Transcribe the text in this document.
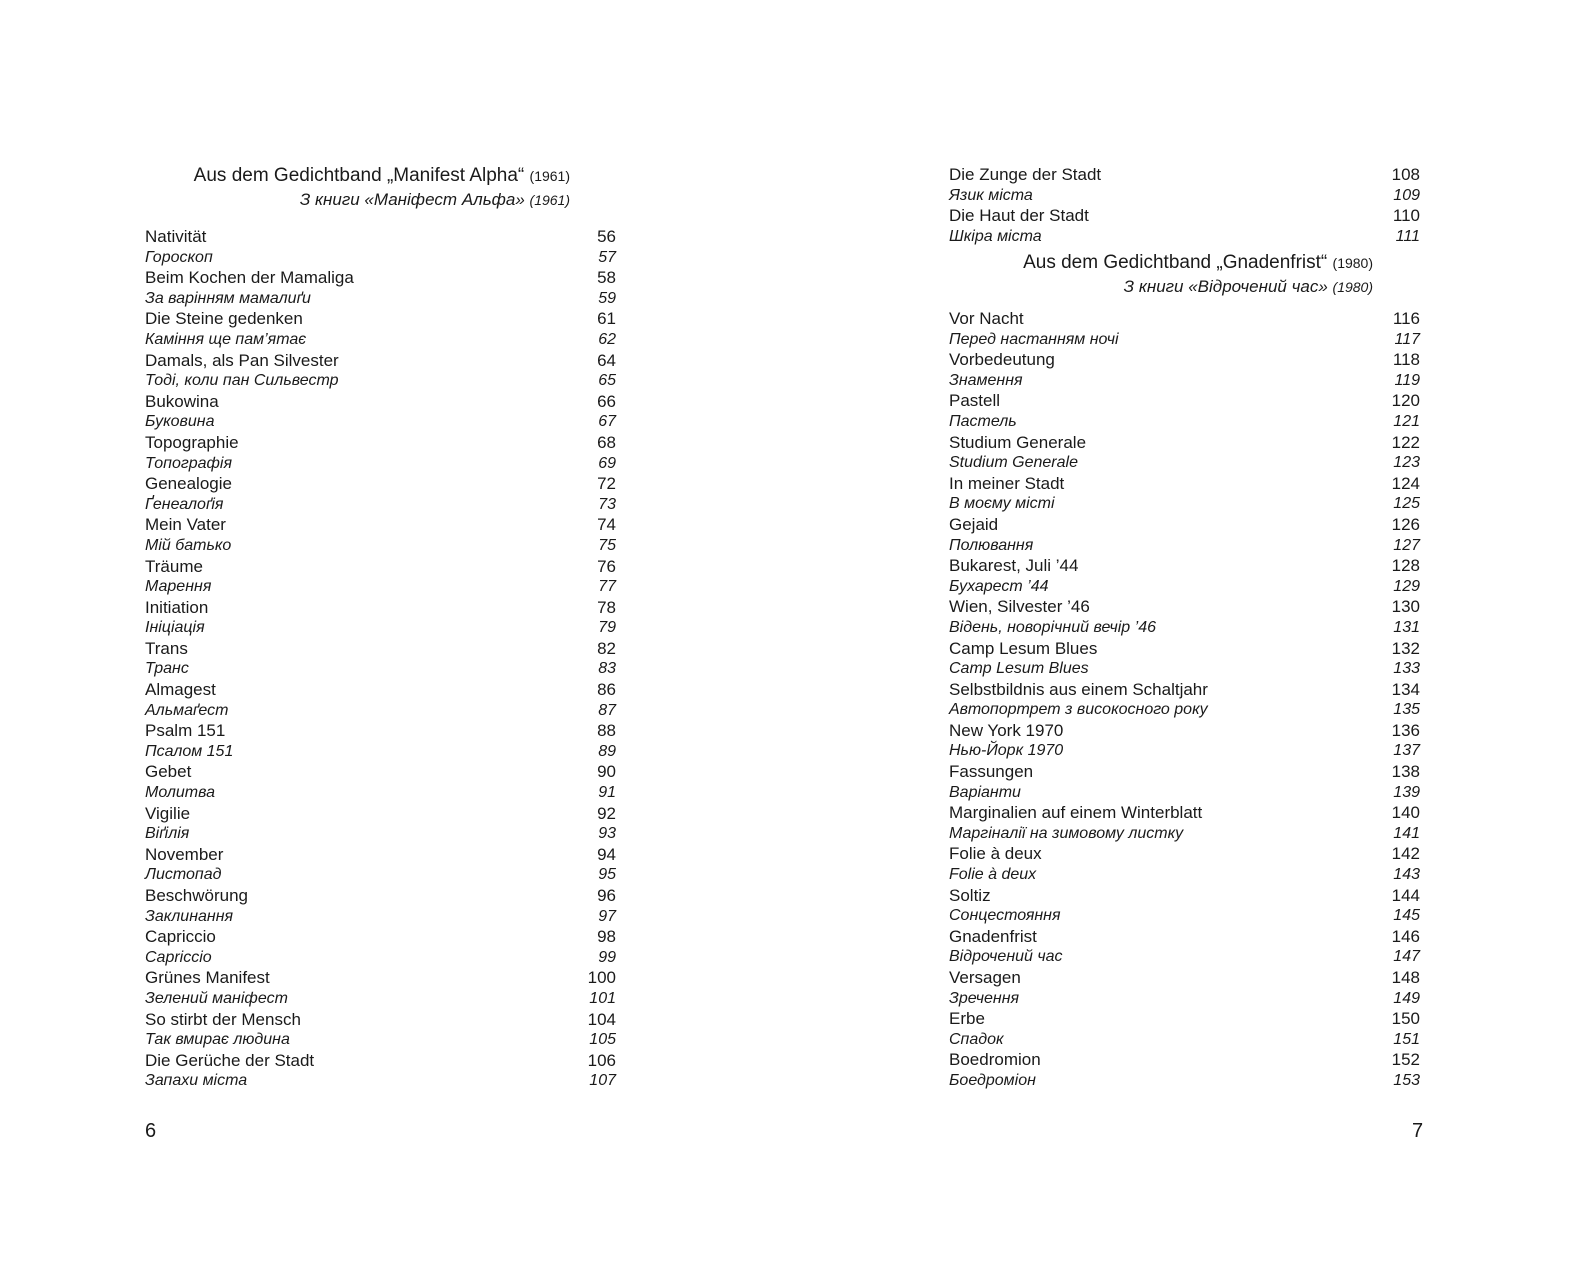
Aus dem Gedichtband „Manifest Alpha“ (1961)
З книги «Маніфест Альфа» (1961)
Nativität	56
Гороскоп	57
Beim Kochen der Mamaliga	58
За варінням мамалиґи	59
Die Steine gedenken	61
Каміння ще пам’ятає	62
Damals, als Pan Silvester	64
Тоді, коли пан Сильвестр	65
Bukowina	66
Буковина	67
Topographie	68
Топографія	69
Genealogie	72
Ґенеалоґія	73
Mein Vater	74
Мій батько	75
Träume	76
Марення	77
Initiation	78
Ініціація	79
Trans	82
Транс	83
Almagest	86
Альмаґест	87
Psalm 151	88
Псалом 151	89
Gebet	90
Молитва	91
Vigilie	92
Віґілія	93
November	94
Листопад	95
Beschwörung	96
Заклинання	97
Capriccio	98
Capriccio	99
Grünes Manifest	100
Зелений маніфест	101
So stirbt der Mensch	104
Так вмирає людина	105
Die Gerüche der Stadt	106
Запахи міста	107
6
Die Zunge der Stadt	108
Язик міста	109
Die Haut der Stadt	110
Шкіра міста	111
Aus dem Gedichtband „Gnadenfrist“ (1980)
З книги «Відрочений час» (1980)
Vor Nacht	116
Перед настанням ночі	117
Vorbedeutung	118
Знамення	119
Pastell	120
Пастель	121
Studium Generale	122
Studium Generale	123
In meiner Stadt	124
В моєму місті	125
Gejaid	126
Полювання	127
Bukarest, Juli ’44	128
Бухарест ’44	129
Wien, Silvester ’46	130
Відень, новорічний вечір ’46	131
Camp Lesum Blues	132
Camp Lesum Blues	133
Selbstbildnis aus einem Schaltjahr	134
Автопортрет з високосного року	135
New York 1970	136
Нью-Йорк 1970	137
Fassungen	138
Варіанти	139
Marginalien auf einem Winterblatt	140
Маргіналії на зимовому листку	141
Folie à deux	142
Folie à deux	143
Soltiz	144
Сонцестояння	145
Gnadenfrist	146
Відрочений час	147
Versagen	148
Зречення	149
Erbe	150
Спадок	151
Boedromion	152
Боедроміон	153
7
